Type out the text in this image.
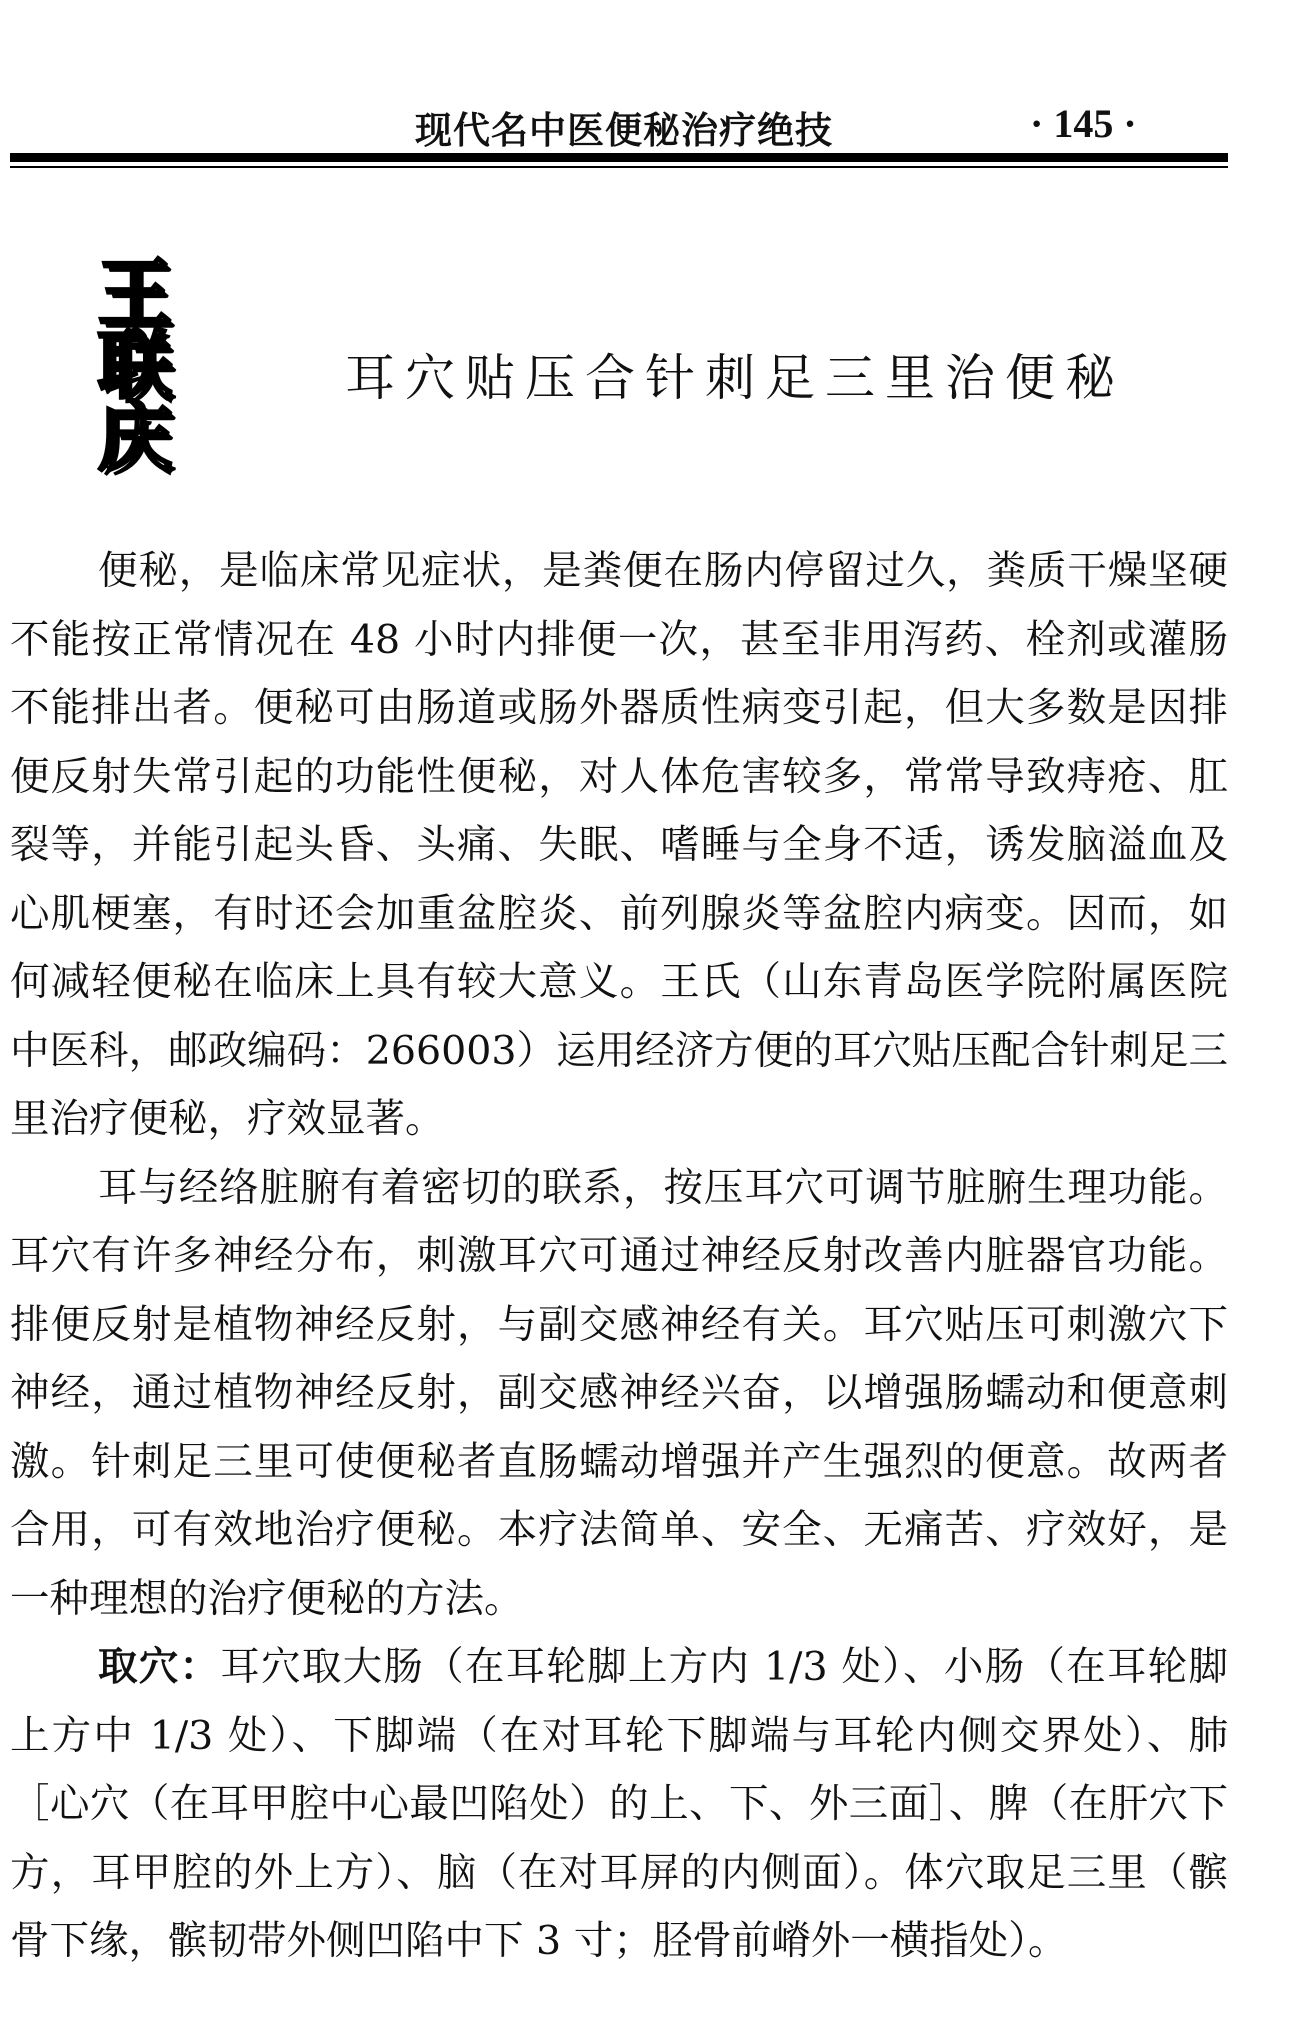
现代名中医便秘治疗绝技	· 145 ·
王
联
庆
耳穴贴压合针刺足三里治便秘

便秘，是临床常见症状，是粪便在肠内停留过久，粪质干燥坚硬不能按正常情况在 48 小时内排便一次，甚至非用泻药、栓剂或灌肠不能排出者。便秘可由肠道或肠外器质性病变引起，但大多数是因排便反射失常引起的功能性便秘，对人体危害较多，常常导致痔疮、肛裂等，并能引起头昏、头痛、失眠、嗜睡与全身不适，诱发脑溢血及心肌梗塞，有时还会加重盆腔炎、前列腺炎等盆腔内病变。因而，如何减轻便秘在临床上具有较大意义。王氏（山东青岛医学院附属医院中医科，邮政编码：266003）运用经济方便的耳穴贴压配合针刺足三里治疗便秘，疗效显著。

耳与经络脏腑有着密切的联系，按压耳穴可调节脏腑生理功能。耳穴有许多神经分布，刺激耳穴可通过神经反射改善内脏器官功能。排便反射是植物神经反射，与副交感神经有关。耳穴贴压可刺激穴下神经，通过植物神经反射，副交感神经兴奋，以增强肠蠕动和便意刺激。针刺足三里可使便秘者直肠蠕动增强并产生强烈的便意。故两者合用，可有效地治疗便秘。本疗法简单、安全、无痛苦、疗效好，是一种理想的治疗便秘的方法。

取穴：耳穴取大肠（在耳轮脚上方内 1/3 处）、小肠（在耳轮脚上方中 1/3 处）、下脚端（在对耳轮下脚端与耳轮内侧交界处）、肺［心穴（在耳甲腔中心最凹陷处）的上、下、外三面］、脾（在肝穴下方，耳甲腔的外上方）、脑（在对耳屏的内侧面）。体穴取足三里（髌骨下缘，髌韧带外侧凹陷中下 3 寸；胫骨前嵴外一横指处）。
